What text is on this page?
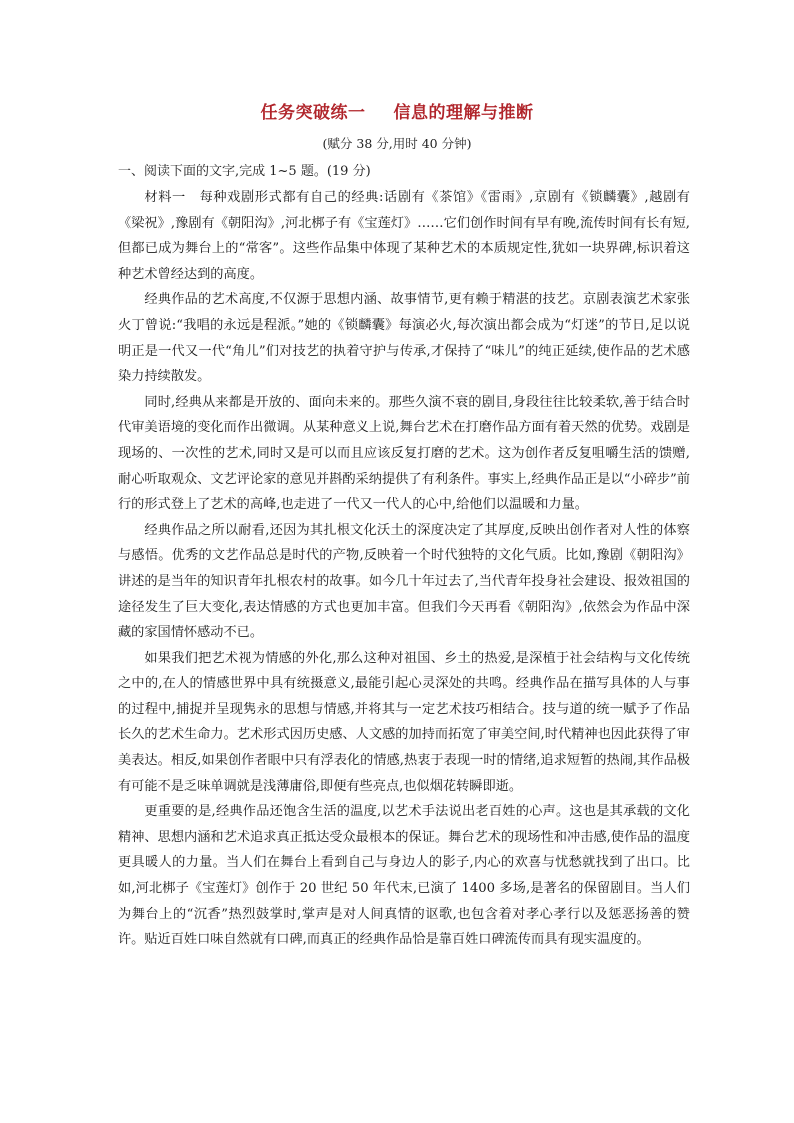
任务突破练一 信息的理解与推断
(赋分 38 分,用时 40 分钟)
一、阅读下面的文字,完成 1~5 题。(19 分)

材料一　每种戏剧形式都有自己的经典:话剧有《茶馆》《雷雨》,京剧有《锁麟囊》,越剧有《梁祝》,豫剧有《朝阳沟》,河北梆子有《宝莲灯》……它们创作时间有早有晚,流传时间有长有短,但都已成为舞台上的“常客”。这些作品集中体现了某种艺术的本质规定性,犹如一块界碑,标识着这种艺术曾经达到的高度。

经典作品的艺术高度,不仅源于思想内涵、故事情节,更有赖于精湛的技艺。京剧表演艺术家张火丁曾说:“我唱的永远是程派。”她的《锁麟囊》每演必火,每次演出都会成为“灯迷”的节日,足以说明正是一代又一代“角儿”们对技艺的执着守护与传承,才保持了“味儿”的纯正延续,使作品的艺术感染力持续散发。

同时,经典从来都是开放的、面向未来的。那些久演不衰的剧目,身段往往比较柔软,善于结合时代审美语境的变化而作出微调。从某种意义上说,舞台艺术在打磨作品方面有着天然的优势。戏剧是现场的、一次性的艺术,同时又是可以而且应该反复打磨的艺术。这为创作者反复咀嚼生活的馈赠,耐心听取观众、文艺评论家的意见并斟酌采纳提供了有利条件。事实上,经典作品正是以“小碎步”前行的形式登上了艺术的高峰,也走进了一代又一代人的心中,给他们以温暖和力量。

经典作品之所以耐看,还因为其扎根文化沃土的深度决定了其厚度,反映出创作者对人性的体察与感悟。优秀的文艺作品总是时代的产物,反映着一个时代独特的文化气质。比如,豫剧《朝阳沟》讲述的是当年的知识青年扎根农村的故事。如今几十年过去了,当代青年投身社会建设、报效祖国的途径发生了巨大变化,表达情感的方式也更加丰富。但我们今天再看《朝阳沟》,依然会为作品中深藏的家国情怀感动不已。

如果我们把艺术视为情感的外化,那么这种对祖国、乡土的热爱,是深植于社会结构与文化传统之中的,在人的情感世界中具有统摄意义,最能引起心灵深处的共鸣。经典作品在描写具体的人与事的过程中,捕捉并呈现隽永的思想与情感,并将其与一定艺术技巧相结合。技与道的统一赋予了作品长久的艺术生命力。艺术形式因历史感、人文感的加持而拓宽了审美空间,时代精神也因此获得了审美表达。相反,如果创作者眼中只有浮表化的情感,热衷于表现一时的情绪,追求短暂的热闹,其作品极有可能不是乏味单调就是浅薄庸俗,即便有些亮点,也似烟花转瞬即逝。

更重要的是,经典作品还饱含生活的温度,以艺术手法说出老百姓的心声。这也是其承载的文化精神、思想内涵和艺术追求真正抵达受众最根本的保证。舞台艺术的现场性和冲击感,使作品的温度更具暖人的力量。当人们在舞台上看到自己与身边人的影子,内心的欢喜与忧愁就找到了出口。比如,河北梆子《宝莲灯》创作于 20 世纪 50 年代末,已演了 1400 多场,是著名的保留剧目。当人们为舞台上的“沉香”热烈鼓掌时,掌声是对人间真情的讴歌,也包含着对孝心孝行以及惩恶扬善的赞许。贴近百姓口味自然就有口碑,而真正的经典作品恰是靠百姓口碑流传而具有现实温度的。
